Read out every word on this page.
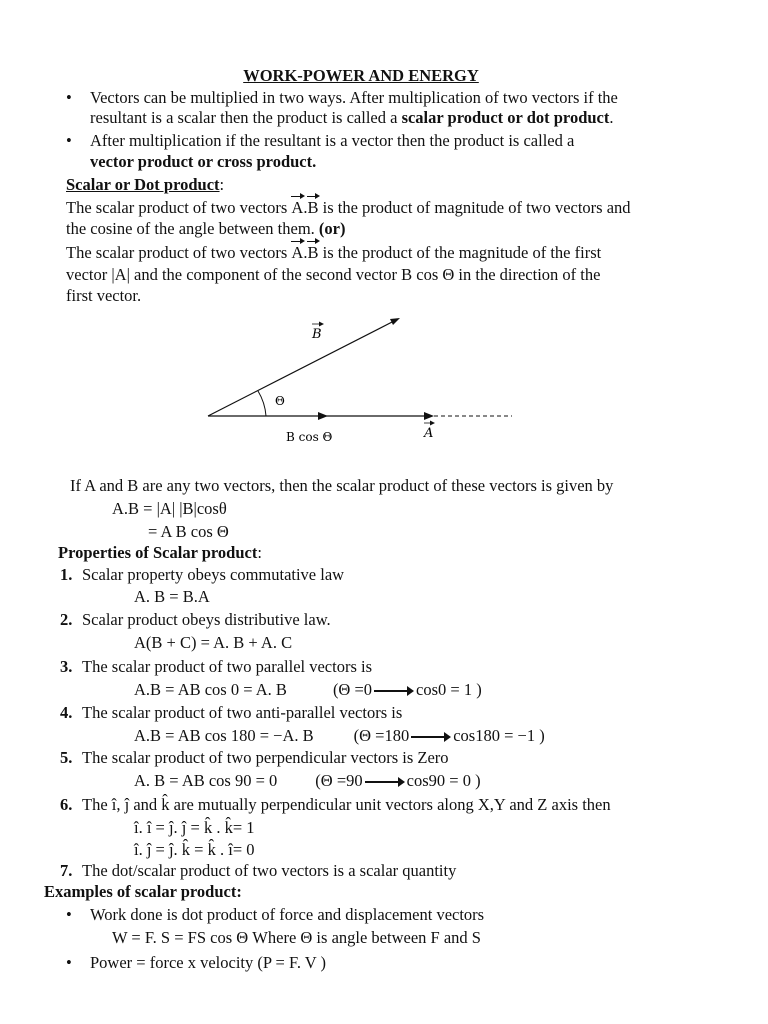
WORK-POWER AND ENERGY
• Vectors can be multiplied in two ways. After multiplication of two vectors if the
resultant is a scalar then the product is called a scalar product or dot product.
• After multiplication if the resultant is a vector then the product is called a
vector product or cross product.
Scalar or Dot product:
The scalar product of two vectors A.B is the product of magnitude of two vectors and
the cosine of the angle between them. (or)
The scalar product of two vectors A.B is the product of the magnitude of the first
vector |A| and the component of the second vector B cos Θ in the direction of the
first vector.
B
Θ
B cos Θ	A
If A and B are any two vectors, then the scalar product of these vectors is given by
A.B = |A| |B|cosθ
= A B cos Θ
Properties of Scalar product:
1. Scalar property obeys commutative law
A. B = B.A
2. Scalar product obeys distributive law.
A(B + C) = A. B + A. C
3. The scalar product of two parallel vectors is
A.B = AB cos 0 = A. B	(Θ =0	cos0 = 1 )
4. The scalar product of two anti-parallel vectors is
A.B = AB cos 180 = −A. B (Θ =180	cos180 = −1 )
5. The scalar product of two perpendicular vectors is Zero
A. B = AB cos 90 = 0 (Θ =90	cos90 = 0 )
6. The î, ĵ and k̂ are mutually perpendicular unit vectors along X,Y and Z axis then
î. î = ĵ. ĵ = k̂ . k̂= 1
î. ĵ = ĵ. k̂ = k̂ . î= 0
7. The dot/scalar product of two vectors is a scalar quantity
Examples of scalar product:
• Work done is dot product of force and displacement vectors
W = F. S = FS cos Θ Where Θ is angle between F and S
• Power = force x velocity (P = F. V )
